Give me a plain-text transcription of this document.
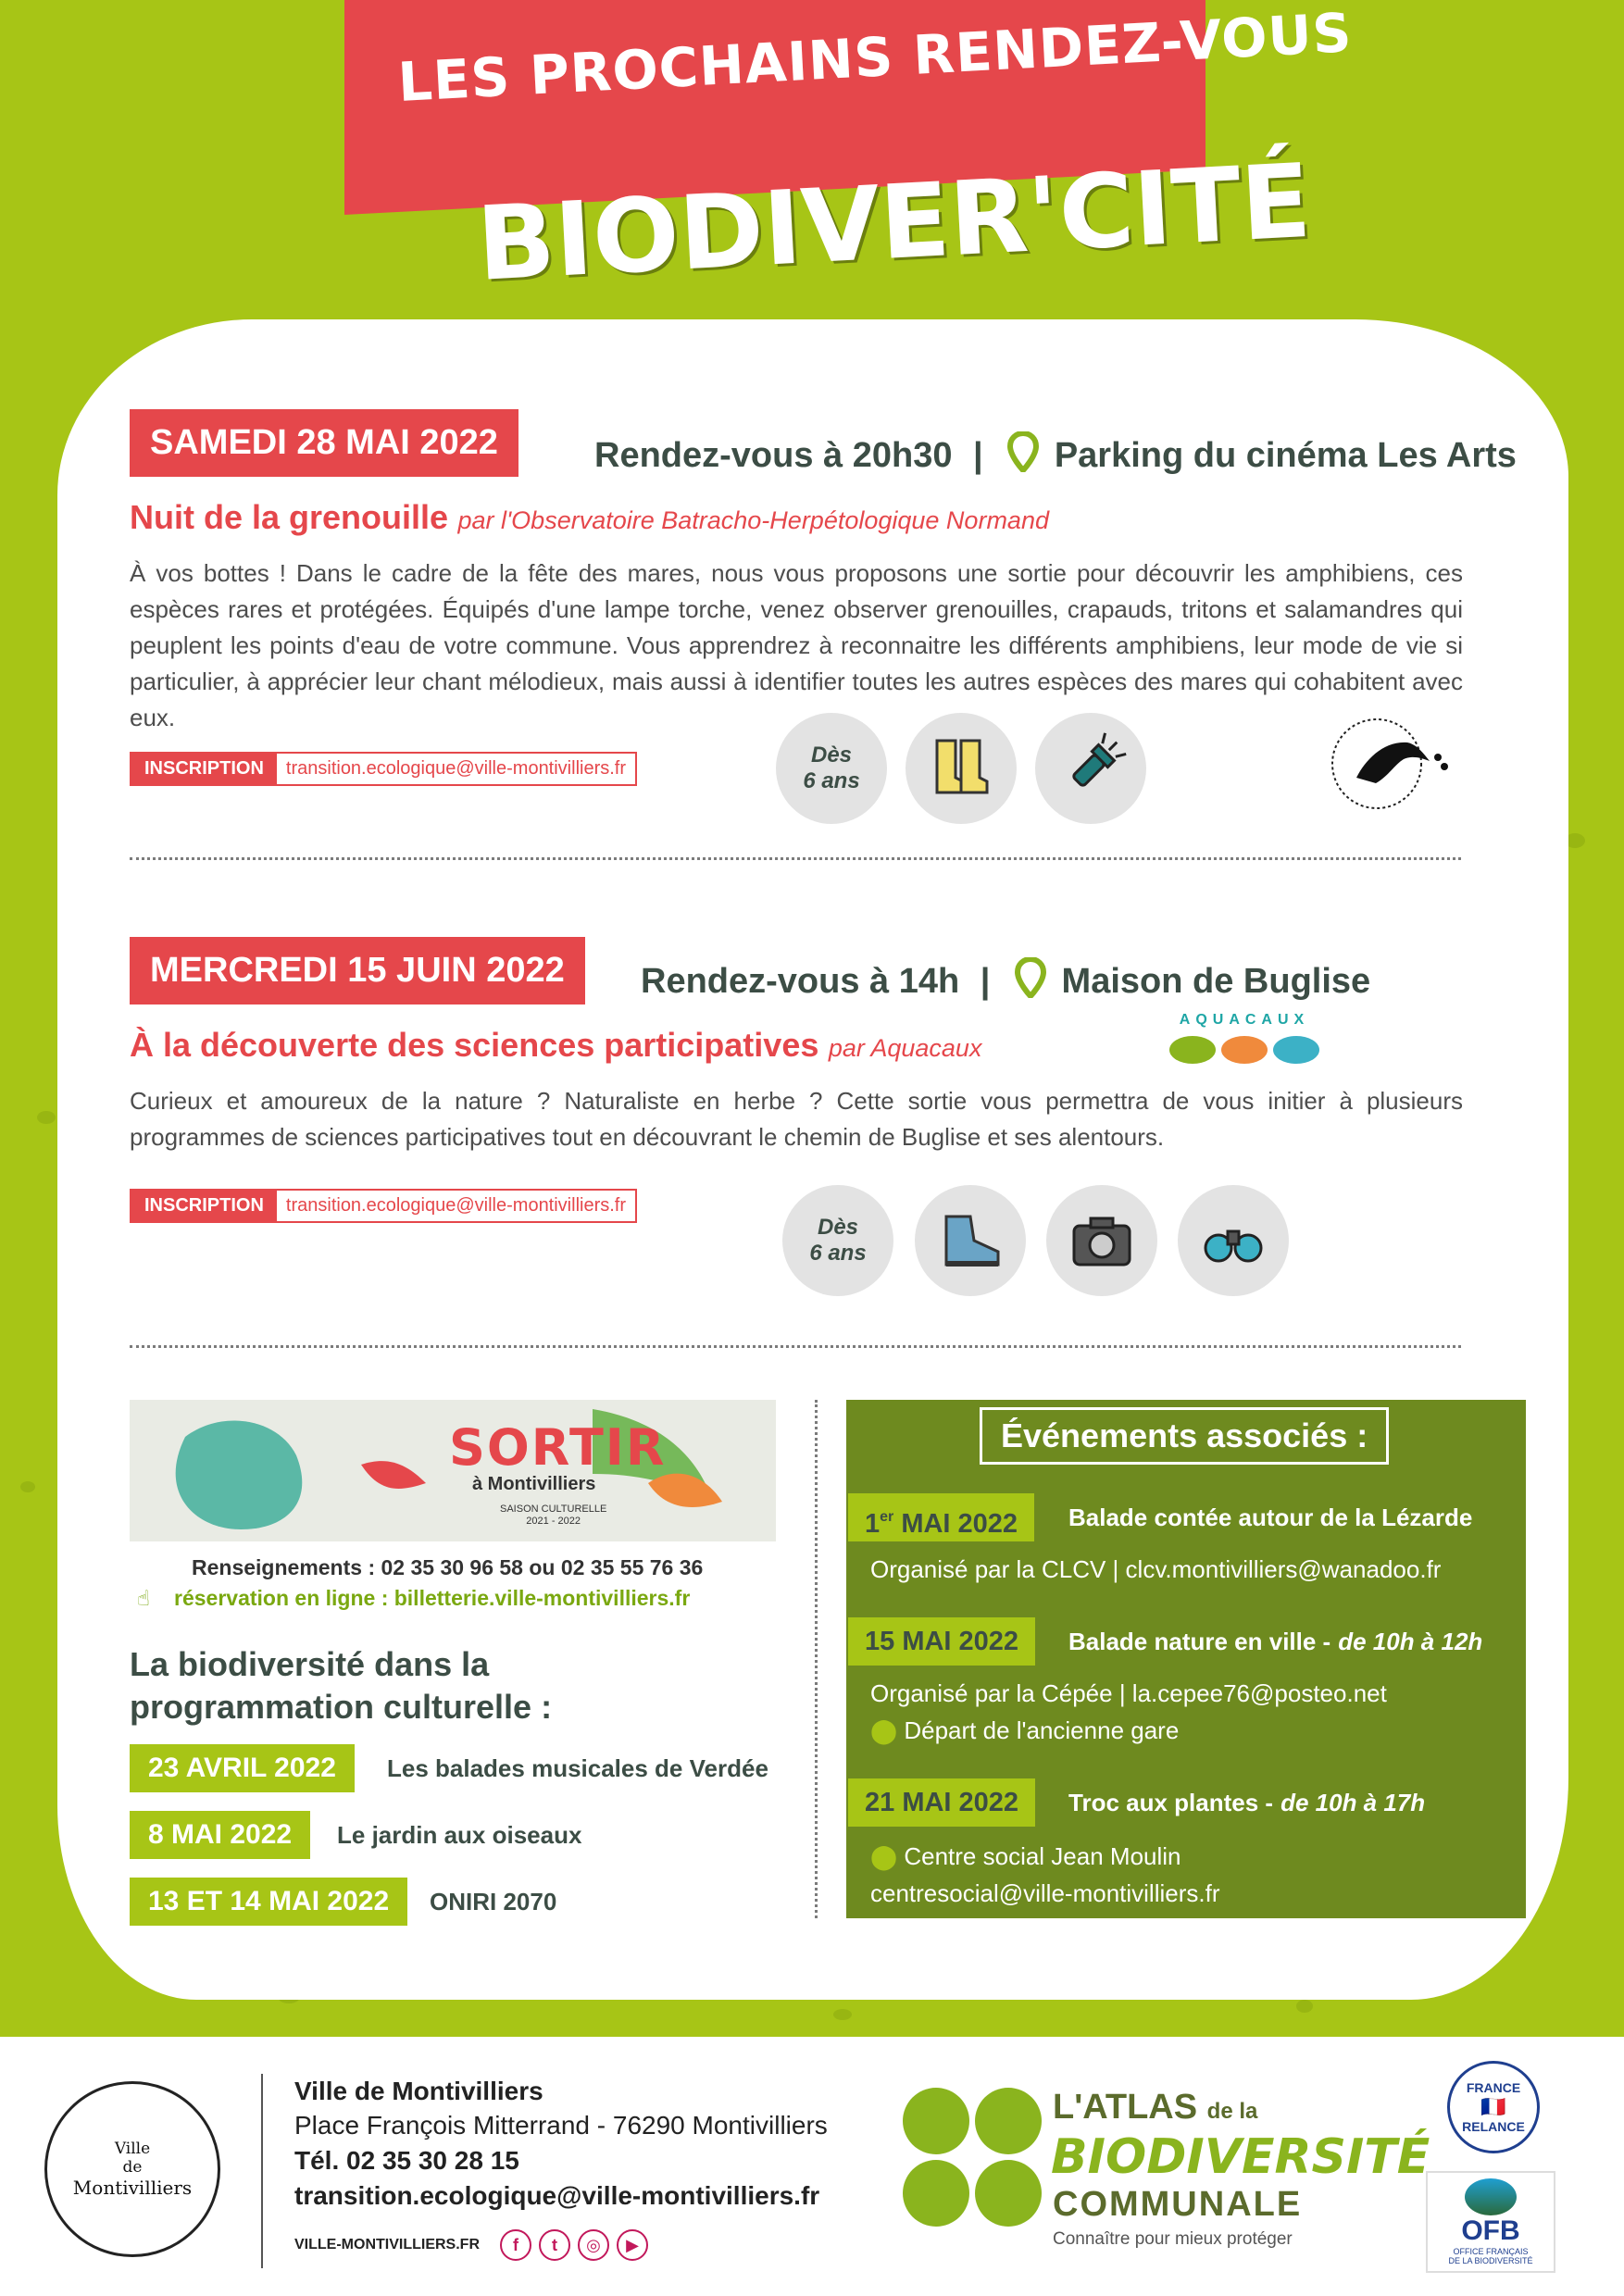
LES PROCHAINS RENDEZ-VOUS
BIODIVER'CITÉ
SAMEDI 28 MAI 2022	Rendez-vous à 20h30 | Parking du cinéma Les Arts
Nuit de la grenouille par l'Observatoire Batracho-Herpétologique Normand
À vos bottes ! Dans le cadre de la fête des mares, nous vous proposons une sortie pour découvrir les amphibiens, ces espèces rares et protégées. Équipés d'une lampe torche, venez observer grenouilles, crapauds, tritons et salamandres qui peuplent les points d'eau de votre commune. Vous apprendrez à reconnaitre les différents amphibiens, leur mode de vie si particulier, à apprécier leur chant mélodieux, mais aussi à identifier toutes les autres espèces des mares qui cohabitent avec eux.
INSCRIPTION	transition.ecologique@ville-montivilliers.fr
Dès
6 ans
MERCREDI 15 JUIN 2022	Rendez-vous à 14h | Maison de Buglise
À la découverte des sciences participatives par Aquacaux
AQUACAUX
Curieux et amoureux de la nature ? Naturaliste en herbe ? Cette sortie vous permettra de vous initier à plusieurs programmes de sciences participatives tout en découvrant le chemin de Buglise et ses alentours.
INSCRIPTION	transition.ecologique@ville-montivilliers.fr
Dès
6 ans
SORTIR
à Montivilliers
SAISON CULTURELLE
2021 - 2022
Renseignements : 02 35 30 96 58 ou 02 35 55 76 36
☝ réservation en ligne : billetterie.ville-montivilliers.fr
La biodiversité dans la
programmation culturelle :
23 AVRIL 2022	Les balades musicales de Verdée
8 MAI 2022	Le jardin aux oiseaux
13 ET 14 MAI 2022	ONIRI 2070
Événements associés :
1er MAI 2022	Balade contée autour de la Lézarde
Organisé par la CLCV | clcv.montivilliers@wanadoo.fr
15 MAI 2022	Balade nature en ville - de 10h à 12h
Organisé par la Cépée | la.cepee76@posteo.net
⬤ Départ de l'ancienne gare
21 MAI 2022	Troc aux plantes - de 10h à 17h
⬤ Centre social Jean Moulin
centresocial@ville-montivilliers.fr
Ville
de
Montivilliers
Ville de Montivilliers
Place François Mitterrand - 76290 Montivilliers
Tél. 02 35 30 28 15
transition.ecologique@ville-montivilliers.fr
VILLE-MONTIVILLIERS.FR	f	t	◎	▶
L'ATLAS de la
BIODIVERSITÉ
COMMUNALE
Connaître pour mieux protéger
FRANCE
🇫🇷
RELANCE
OFB
OFFICE FRANÇAIS
DE LA BIODIVERSITÉ
